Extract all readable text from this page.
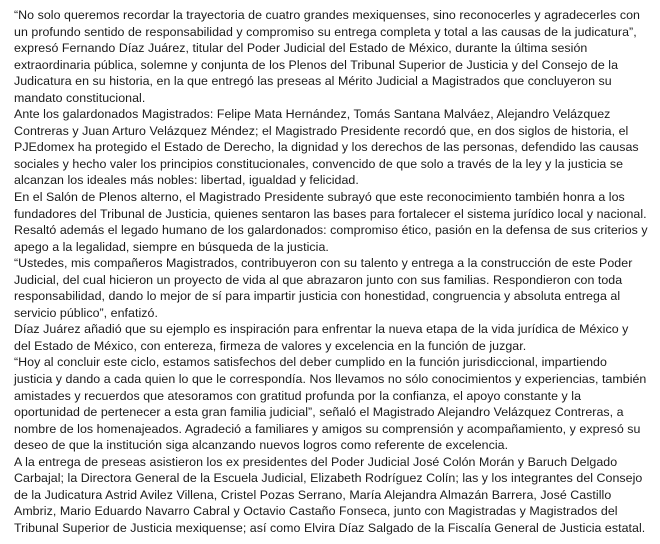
“No solo queremos recordar la trayectoria de cuatro grandes mexiquenses, sino reconocerles y agradecerles con un profundo sentido de responsabilidad y compromiso su entrega completa y total a las causas de la judicatura”, expresó Fernando Díaz Juárez, titular del Poder Judicial del Estado de México, durante la última sesión extraordinaria pública, solemne y conjunta de los Plenos del Tribunal Superior de Justicia y del Consejo de la Judicatura en su historia, en la que entregó las preseas al Mérito Judicial a Magistrados que concluyeron su mandato constitucional.

Ante los galardonados Magistrados: Felipe Mata Hernández, Tomás Santana Malváez, Alejandro Velázquez Contreras y Juan Arturo Velázquez Méndez; el Magistrado Presidente recordó que, en dos siglos de historia, el PJEdomex ha protegido el Estado de Derecho, la dignidad y los derechos de las personas, defendido las causas sociales y hecho valer los principios constitucionales, convencido de que solo a través de la ley y la justicia se alcanzan los ideales más nobles: libertad, igualdad y felicidad.

En el Salón de Plenos alterno, el Magistrado Presidente subrayó que este reconocimiento también honra a los fundadores del Tribunal de Justicia, quienes sentaron las bases para fortalecer el sistema jurídico local y nacional.

Resaltó además el legado humano de los galardonados: compromiso ético, pasión en la defensa de sus criterios y apego a la legalidad, siempre en búsqueda de la justicia.

“Ustedes, mis compañeros Magistrados, contribuyeron con su talento y entrega a la construcción de este Poder Judicial, del cual hicieron un proyecto de vida al que abrazaron junto con sus familias. Respondieron con toda responsabilidad, dando lo mejor de sí para impartir justicia con honestidad, congruencia y absoluta entrega al servicio público”, enfatizó.

Díaz Juárez añadió que su ejemplo es inspiración para enfrentar la nueva etapa de la vida jurídica de México y del Estado de México, con entereza, firmeza de valores y excelencia en la función de juzgar.

“Hoy al concluir este ciclo, estamos satisfechos del deber cumplido en la función jurisdiccional, impartiendo justicia y dando a cada quien lo que le correspondía. Nos llevamos no sólo conocimientos y experiencias, también amistades y recuerdos que atesoramos con gratitud profunda por la confianza, el apoyo constante y la oportunidad de pertenecer a esta gran familia judicial”, señaló el Magistrado Alejandro Velázquez Contreras, a nombre de los homenajeados. Agradeció a familiares y amigos su comprensión y acompañamiento, y expresó su deseo de que la institución siga alcanzando nuevos logros como referente de excelencia.

A la entrega de preseas asistieron los ex presidentes del Poder Judicial José Colón Morán y Baruch Delgado Carbajal; la Directora General de la Escuela Judicial, Elizabeth Rodríguez Colín; las y los integrantes del Consejo de la Judicatura Astrid Avilez Villena, Cristel Pozas Serrano, María Alejandra Almazán Barrera, José Castillo Ambriz, Mario Eduardo Navarro Cabral y Octavio Castaño Fonseca, junto con Magistradas y Magistrados del Tribunal Superior de Justicia mexiquense; así como Elvira Díaz Salgado de la Fiscalía General de Justicia estatal.
